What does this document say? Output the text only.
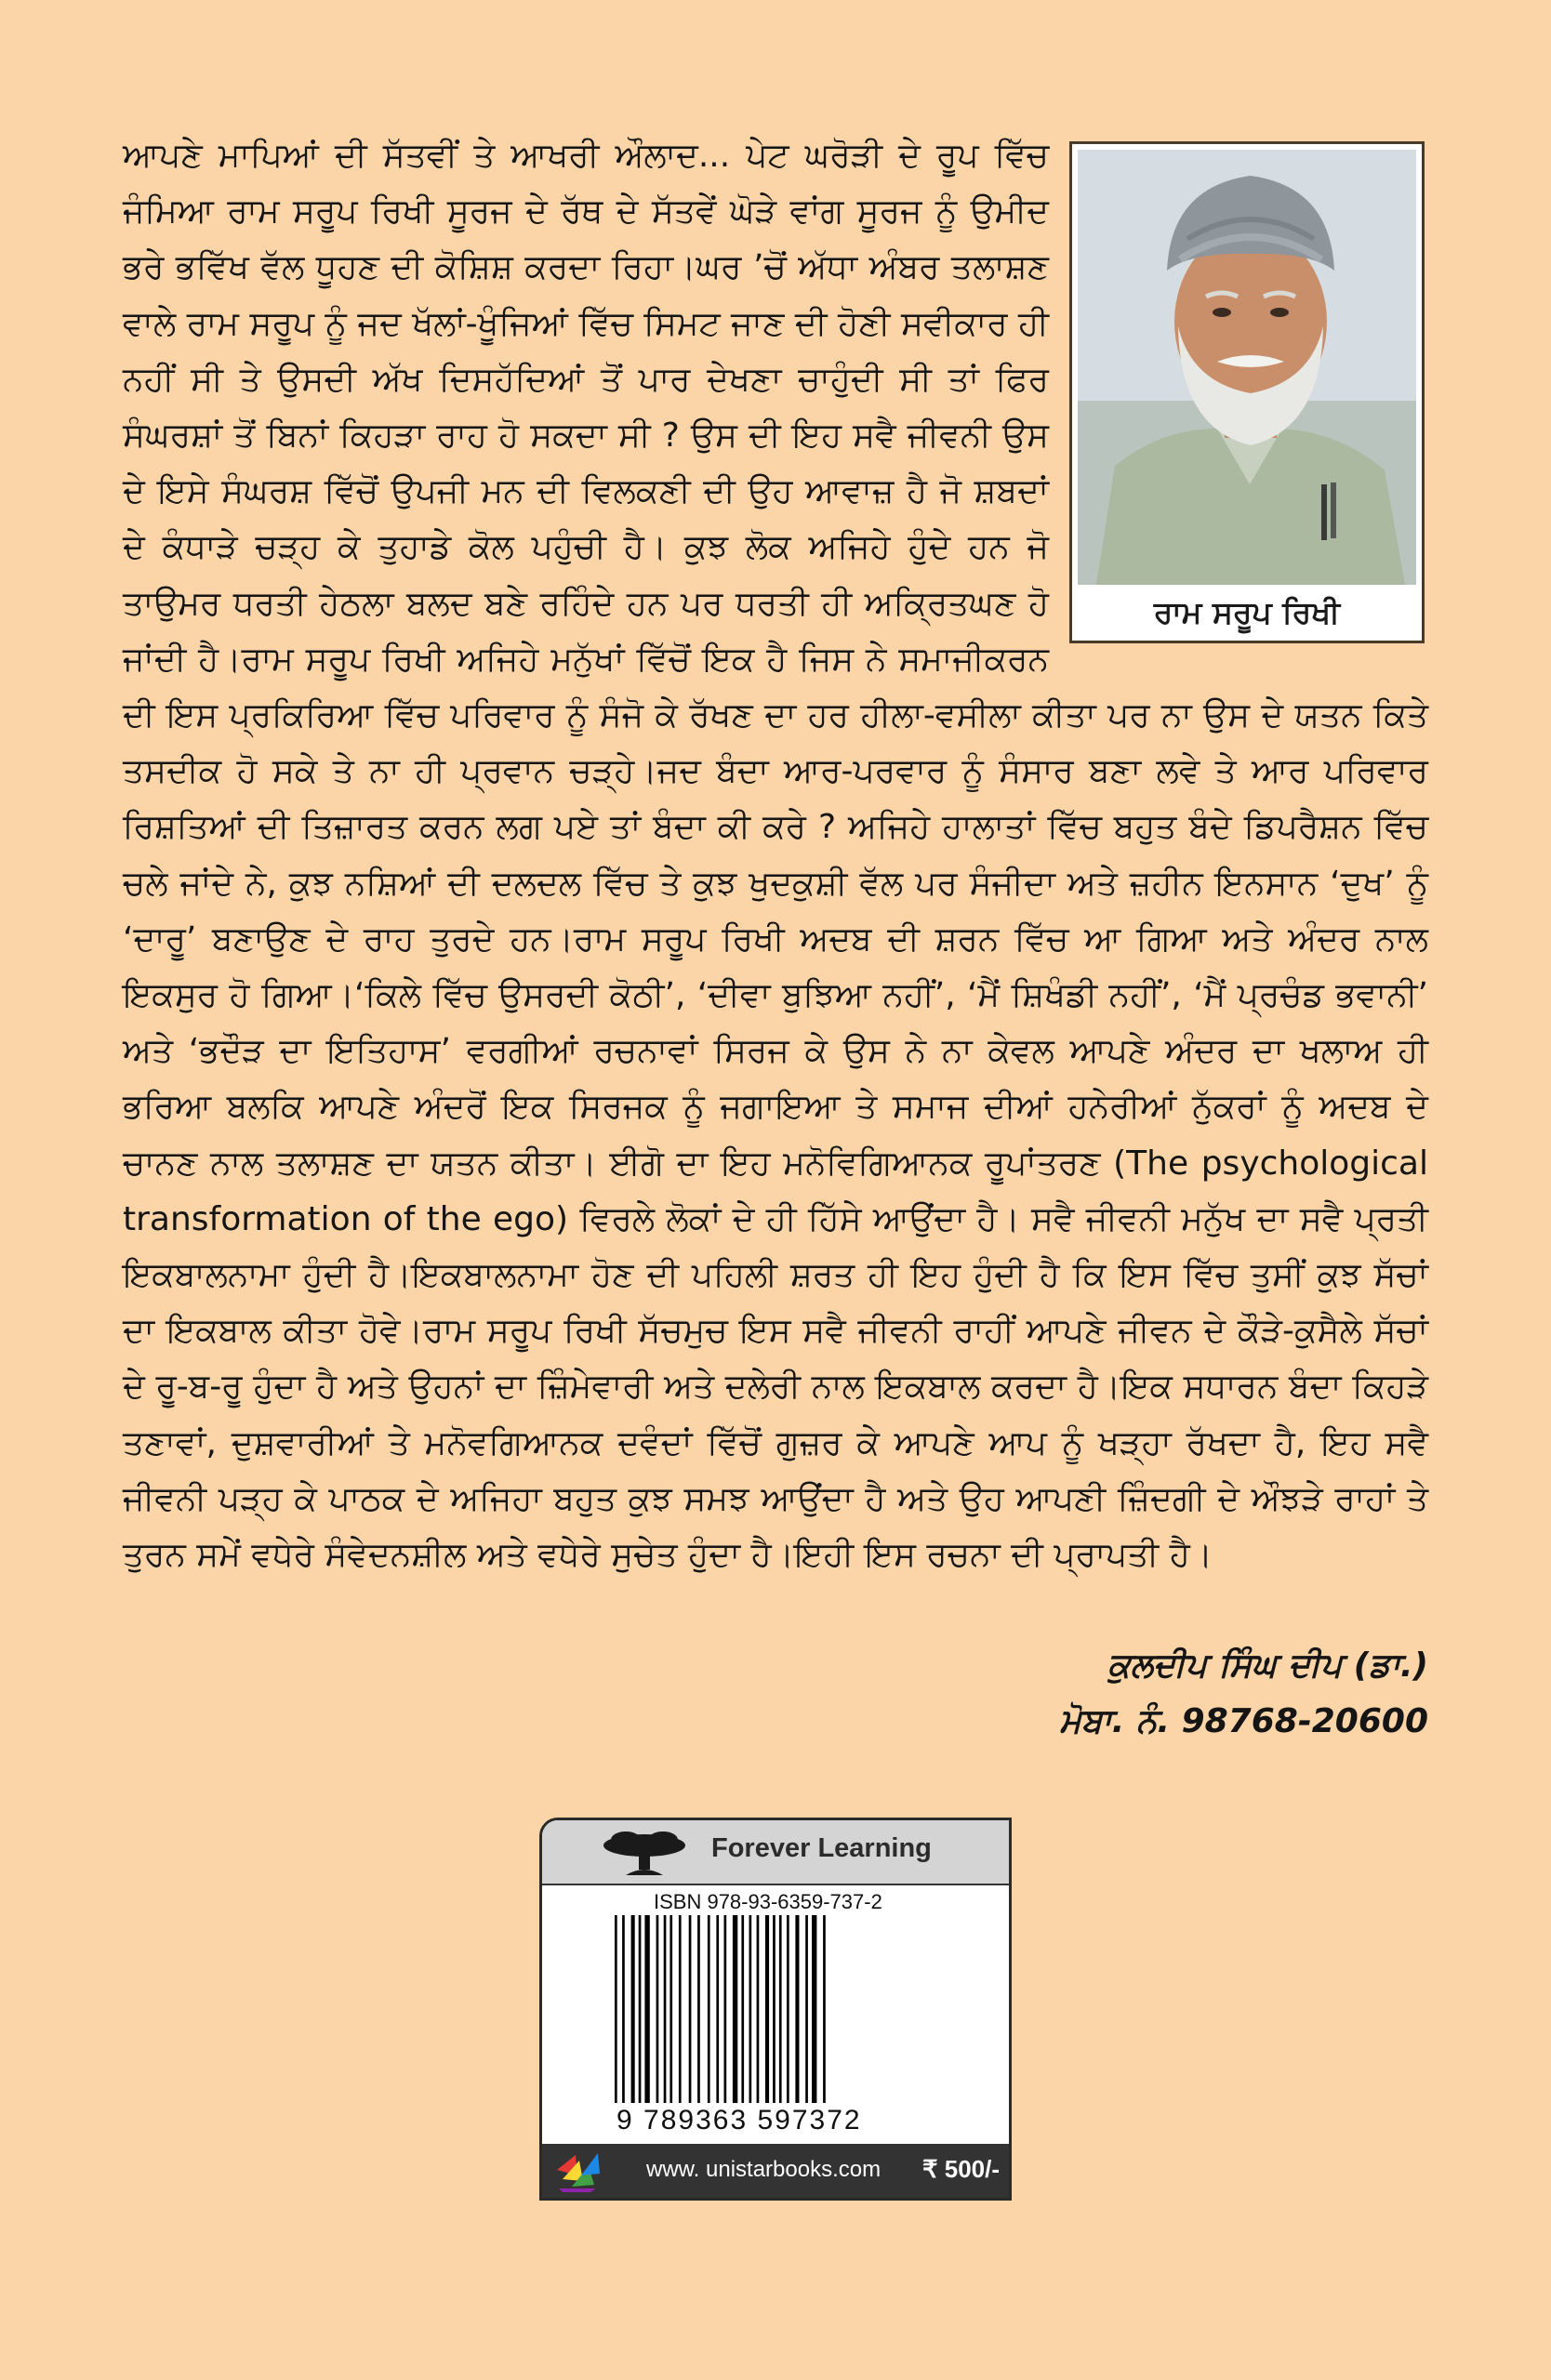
ਰਾਮ ਸਰੂਪ ਰਿਖੀ
ਆਪਣੇ ਮਾਪਿਆਂ ਦੀ ਸੱਤਵੀਂ ਤੇ ਆਖਰੀ ਔਲਾਦ... ਪੇਟ ਘਰੋੜੀ ਦੇ ਰੂਪ ਵਿੱਚ ਜੰਮਿਆ ਰਾਮ ਸਰੂਪ ਰਿਖੀ ਸੂਰਜ ਦੇ ਰੱਥ ਦੇ ਸੱਤਵੇਂ ਘੋੜੇ ਵਾਂਗ ਸੂਰਜ ਨੂੰ ਉਮੀਦ ਭਰੇ ਭਵਿੱਖ ਵੱਲ ਧੂਹਣ ਦੀ ਕੋਸ਼ਿਸ਼ ਕਰਦਾ ਰਿਹਾ।ਘਰ ’ਚੋਂ ਅੱਧਾ ਅੰਬਰ ਤਲਾਸ਼ਣ ਵਾਲੇ ਰਾਮ ਸਰੂਪ ਨੂੰ ਜਦ ਖੱਲਾਂ-ਖੂੰਜਿਆਂ ਵਿੱਚ ਸਿਮਟ ਜਾਣ ਦੀ ਹੋਣੀ ਸਵੀਕਾਰ ਹੀ ਨਹੀਂ ਸੀ ਤੇ ਉਸਦੀ ਅੱਖ ਦਿਸਹੱਦਿਆਂ ਤੋਂ ਪਾਰ ਦੇਖਣਾ ਚਾਹੁੰਦੀ ਸੀ ਤਾਂ ਫਿਰ ਸੰਘਰਸ਼ਾਂ ਤੋਂ ਬਿਨਾਂ ਕਿਹੜਾ ਰਾਹ ਹੋ ਸਕਦਾ ਸੀ ? ਉਸ ਦੀ ਇਹ ਸਵੈ ਜੀਵਨੀ ਉਸ ਦੇ ਇਸੇ ਸੰਘਰਸ਼ ਵਿੱਚੋਂ ਉਪਜੀ ਮਨ ਦੀ ਵਿਲਕਣੀ ਦੀ ਉਹ ਆਵਾਜ਼ ਹੈ ਜੋ ਸ਼ਬਦਾਂ ਦੇ ਕੰਧਾੜੇ ਚੜ੍ਹ ਕੇ ਤੁਹਾਡੇ ਕੋਲ ਪਹੁੰਚੀ ਹੈ। ਕੁਝ ਲੋਕ ਅਜਿਹੇ ਹੁੰਦੇ ਹਨ ਜੋ ਤਾਉਮਰ ਧਰਤੀ ਹੇਠਲਾ ਬਲਦ ਬਣੇ ਰਹਿੰਦੇ ਹਨ ਪਰ ਧਰਤੀ ਹੀ ਅਕ੍ਰਿਤਘਣ ਹੋ ਜਾਂਦੀ ਹੈ।ਰਾਮ ਸਰੂਪ ਰਿਖੀ ਅਜਿਹੇ ਮਨੁੱਖਾਂ ਵਿੱਚੋਂ ਇਕ ਹੈ ਜਿਸ ਨੇ ਸਮਾਜੀਕਰਨ ਦੀ ਇਸ ਪ੍ਰਕਿਰਿਆ ਵਿੱਚ ਪਰਿਵਾਰ ਨੂੰ ਸੰਜੋ ਕੇ ਰੱਖਣ ਦਾ ਹਰ ਹੀਲਾ-ਵਸੀਲਾ ਕੀਤਾ ਪਰ ਨਾ ਉਸ ਦੇ ਯਤਨ ਕਿਤੇ ਤਸਦੀਕ ਹੋ ਸਕੇ ਤੇ ਨਾ ਹੀ ਪ੍ਰਵਾਨ ਚੜ੍ਹੇ।ਜਦ ਬੰਦਾ ਆਰ-ਪਰਵਾਰ ਨੂੰ ਸੰਸਾਰ ਬਣਾ ਲਵੇ ਤੇ ਆਰ ਪਰਿਵਾਰ ਰਿਸ਼ਤਿਆਂ ਦੀ ਤਿਜ਼ਾਰਤ ਕਰਨ ਲਗ ਪਏ ਤਾਂ ਬੰਦਾ ਕੀ ਕਰੇ ? ਅਜਿਹੇ ਹਾਲਾਤਾਂ ਵਿੱਚ ਬਹੁਤ ਬੰਦੇ ਡਿਪਰੈਸ਼ਨ ਵਿੱਚ ਚਲੇ ਜਾਂਦੇ ਨੇ, ਕੁਝ ਨਸ਼ਿਆਂ ਦੀ ਦਲਦਲ ਵਿੱਚ ਤੇ ਕੁਝ ਖੁਦਕੁਸ਼ੀ ਵੱਲ ਪਰ ਸੰਜੀਦਾ ਅਤੇ ਜ਼ਹੀਨ ਇਨਸਾਨ ‘ਦੁਖ’ ਨੂੰ ‘ਦਾਰੂ’ ਬਣਾਉਣ ਦੇ ਰਾਹ ਤੁਰਦੇ ਹਨ।ਰਾਮ ਸਰੂਪ ਰਿਖੀ ਅਦਬ ਦੀ ਸ਼ਰਨ ਵਿੱਚ ਆ ਗਿਆ ਅਤੇ ਅੰਦਰ ਨਾਲ ਇਕਸੁਰ ਹੋ ਗਿਆ।‘ਕਿਲੇ ਵਿੱਚ ਉਸਰਦੀ ਕੋਠੀ’, ‘ਦੀਵਾ ਬੁਝਿਆ ਨਹੀਂ’, ‘ਮੈਂ ਸ਼ਿਖੰਡੀ ਨਹੀਂ’, ‘ਮੈਂ ਪ੍ਰਚੰਡ ਭਵਾਨੀ’ ਅਤੇ ‘ਭਦੌੜ ਦਾ ਇਤਿਹਾਸ’ ਵਰਗੀਆਂ ਰਚਨਾਵਾਂ ਸਿਰਜ ਕੇ ਉਸ ਨੇ ਨਾ ਕੇਵਲ ਆਪਣੇ ਅੰਦਰ ਦਾ ਖਲਾਅ ਹੀ ਭਰਿਆ ਬਲਕਿ ਆਪਣੇ ਅੰਦਰੋਂ ਇਕ ਸਿਰਜਕ ਨੂੰ ਜਗਾਇਆ ਤੇ ਸਮਾਜ ਦੀਆਂ ਹਨੇਰੀਆਂ ਨੁੱਕਰਾਂ ਨੂੰ ਅਦਬ ਦੇ ਚਾਨਣ ਨਾਲ ਤਲਾਸ਼ਣ ਦਾ ਯਤਨ ਕੀਤਾ। ਈਗੋ ਦਾ ਇਹ ਮਨੋਵਿਗਿਆਨਕ ਰੂਪਾਂਤਰਣ (The psychological transformation of the ego) ਵਿਰਲੇ ਲੋਕਾਂ ਦੇ ਹੀ ਹਿੱਸੇ ਆਉਂਦਾ ਹੈ। ਸਵੈ ਜੀਵਨੀ ਮਨੁੱਖ ਦਾ ਸਵੈ ਪ੍ਰਤੀ ਇਕਬਾਲਨਾਮਾ ਹੁੰਦੀ ਹੈ।ਇਕਬਾਲਨਾਮਾ ਹੋਣ ਦੀ ਪਹਿਲੀ ਸ਼ਰਤ ਹੀ ਇਹ ਹੁੰਦੀ ਹੈ ਕਿ ਇਸ ਵਿੱਚ ਤੁਸੀਂ ਕੁਝ ਸੱਚਾਂ ਦਾ ਇਕਬਾਲ ਕੀਤਾ ਹੋਵੇ।ਰਾਮ ਸਰੂਪ ਰਿਖੀ ਸੱਚਮੁਚ ਇਸ ਸਵੈ ਜੀਵਨੀ ਰਾਹੀਂ ਆਪਣੇ ਜੀਵਨ ਦੇ ਕੌੜੇ-ਕੁਸੈਲੇ ਸੱਚਾਂ ਦੇ ਰੂ-ਬ-ਰੂ ਹੁੰਦਾ ਹੈ ਅਤੇ ਉਹਨਾਂ ਦਾ ਜ਼ਿੰਮੇਵਾਰੀ ਅਤੇ ਦਲੇਰੀ ਨਾਲ ਇਕਬਾਲ ਕਰਦਾ ਹੈ।ਇਕ ਸਧਾਰਨ ਬੰਦਾ ਕਿਹੜੇ ਤਣਾਵਾਂ, ਦੁਸ਼ਵਾਰੀਆਂ ਤੇ ਮਨੋਵਗਿਆਨਕ ਦਵੰਦਾਂ ਵਿੱਚੋਂ ਗੁਜ਼ਰ ਕੇ ਆਪਣੇ ਆਪ ਨੂੰ ਖੜ੍ਹਾ ਰੱਖਦਾ ਹੈ, ਇਹ ਸਵੈ ਜੀਵਨੀ ਪੜ੍ਹ ਕੇ ਪਾਠਕ ਦੇ ਅਜਿਹਾ ਬਹੁਤ ਕੁਝ ਸਮਝ ਆਉਂਦਾ ਹੈ ਅਤੇ ਉਹ ਆਪਣੀ ਜ਼ਿੰਦਗੀ ਦੇ ਔਝੜੇ ਰਾਹਾਂ ਤੇ ਤੁਰਨ ਸਮੇਂ ਵਧੇਰੇ ਸੰਵੇਦਨਸ਼ੀਲ ਅਤੇ ਵਧੇਰੇ ਸੁਚੇਤ ਹੁੰਦਾ ਹੈ।ਇਹੀ ਇਸ ਰਚਨਾ ਦੀ ਪ੍ਰਾਪਤੀ ਹੈ।
ਕੁਲਦੀਪ ਸਿੰਘ ਦੀਪ (ਡਾ.)
ਮੋਬਾ. ਨੰ. 98768-20600
Forever Learning
ISBN 978-93-6359-737-2
9 789363 597372
www. unistarbooks.com ₹ 500/-
